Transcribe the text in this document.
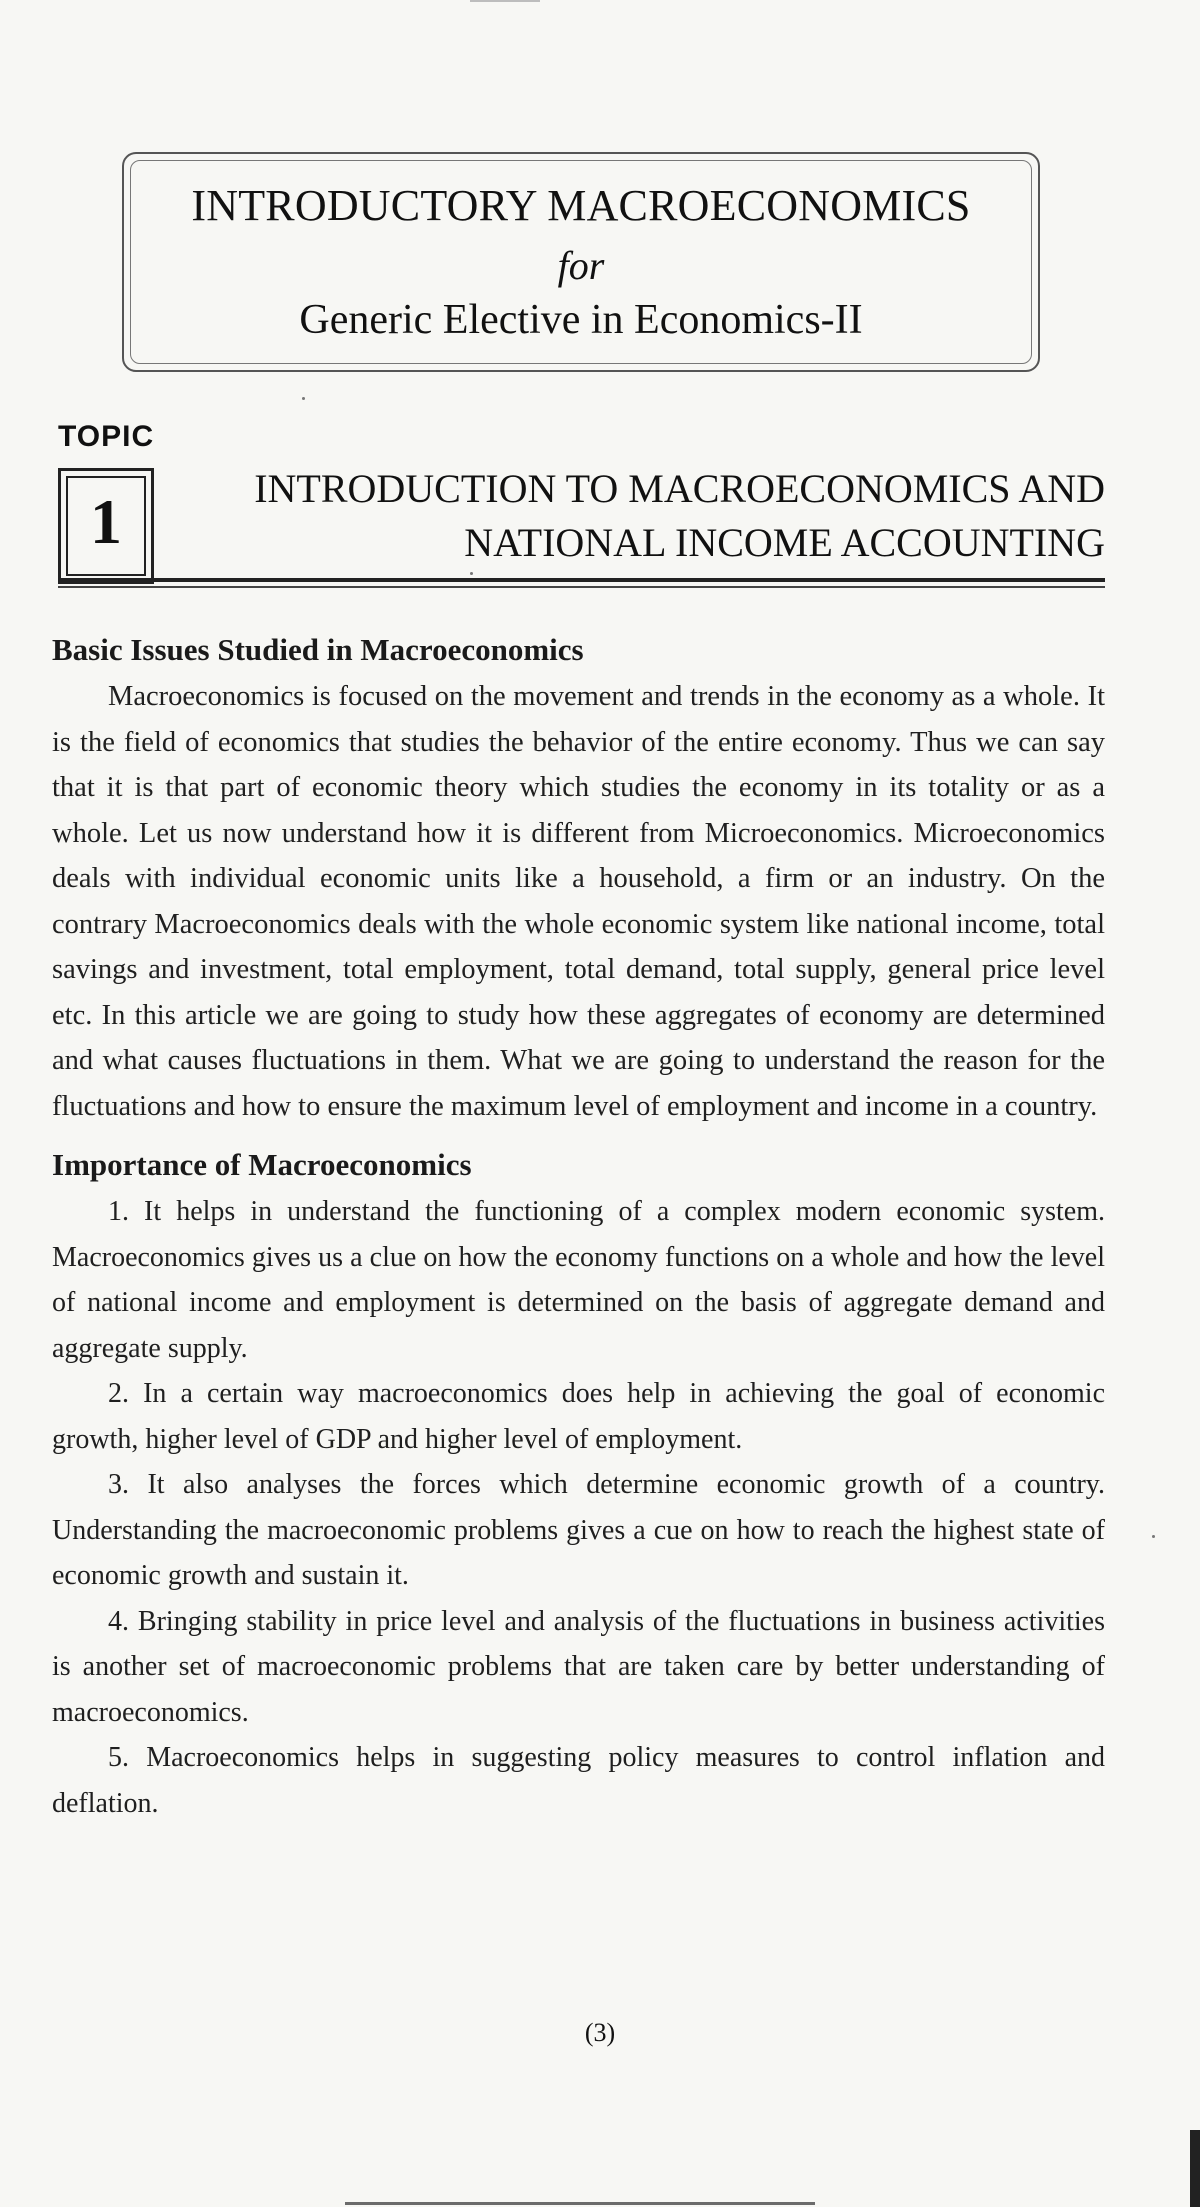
INTRODUCTORY MACROECONOMICS
for
Generic Elective in Economics-II
TOPIC
1	INTRODUCTION TO MACROECONOMICS AND
NATIONAL INCOME ACCOUNTING
Basic Issues Studied in Macroeconomics

Macroeconomics is focused on the movement and trends in the economy as a whole. It is the field of economics that studies the behavior of the entire economy. Thus we can say that it is that part of economic theory which studies the economy in its totality or as a whole. Let us now understand how it is different from Microeconomics. Microeconomics deals with individual economic units like a household, a firm or an industry. On the contrary Macroeconomics deals with the whole economic system like national income, total savings and investment, total employment, total demand, total supply, general price level etc. In this article we are going to study how these aggregates of economy are determined and what causes fluctuations in them. What we are going to understand the reason for the fluctuations and how to ensure the maximum level of employment and income in a country.

Importance of Macroeconomics

1. It helps in understand the functioning of a complex modern economic system. Macroeconomics gives us a clue on how the economy functions on a whole and how the level of national income and employment is determined on the basis of aggregate demand and aggregate supply.

2. In a certain way macroeconomics does help in achieving the goal of economic growth, higher level of GDP and higher level of employment.

3. It also analyses the forces which determine economic growth of a country. Understanding the macroeconomic problems gives a cue on how to reach the highest state of economic growth and sustain it.

4. Bringing stability in price level and analysis of the fluctuations in business activities is another set of macroeconomic problems that are taken care by better understanding of macroeconomics.

5. Macroeconomics helps in suggesting policy measures to control inflation and deflation.

(3)
